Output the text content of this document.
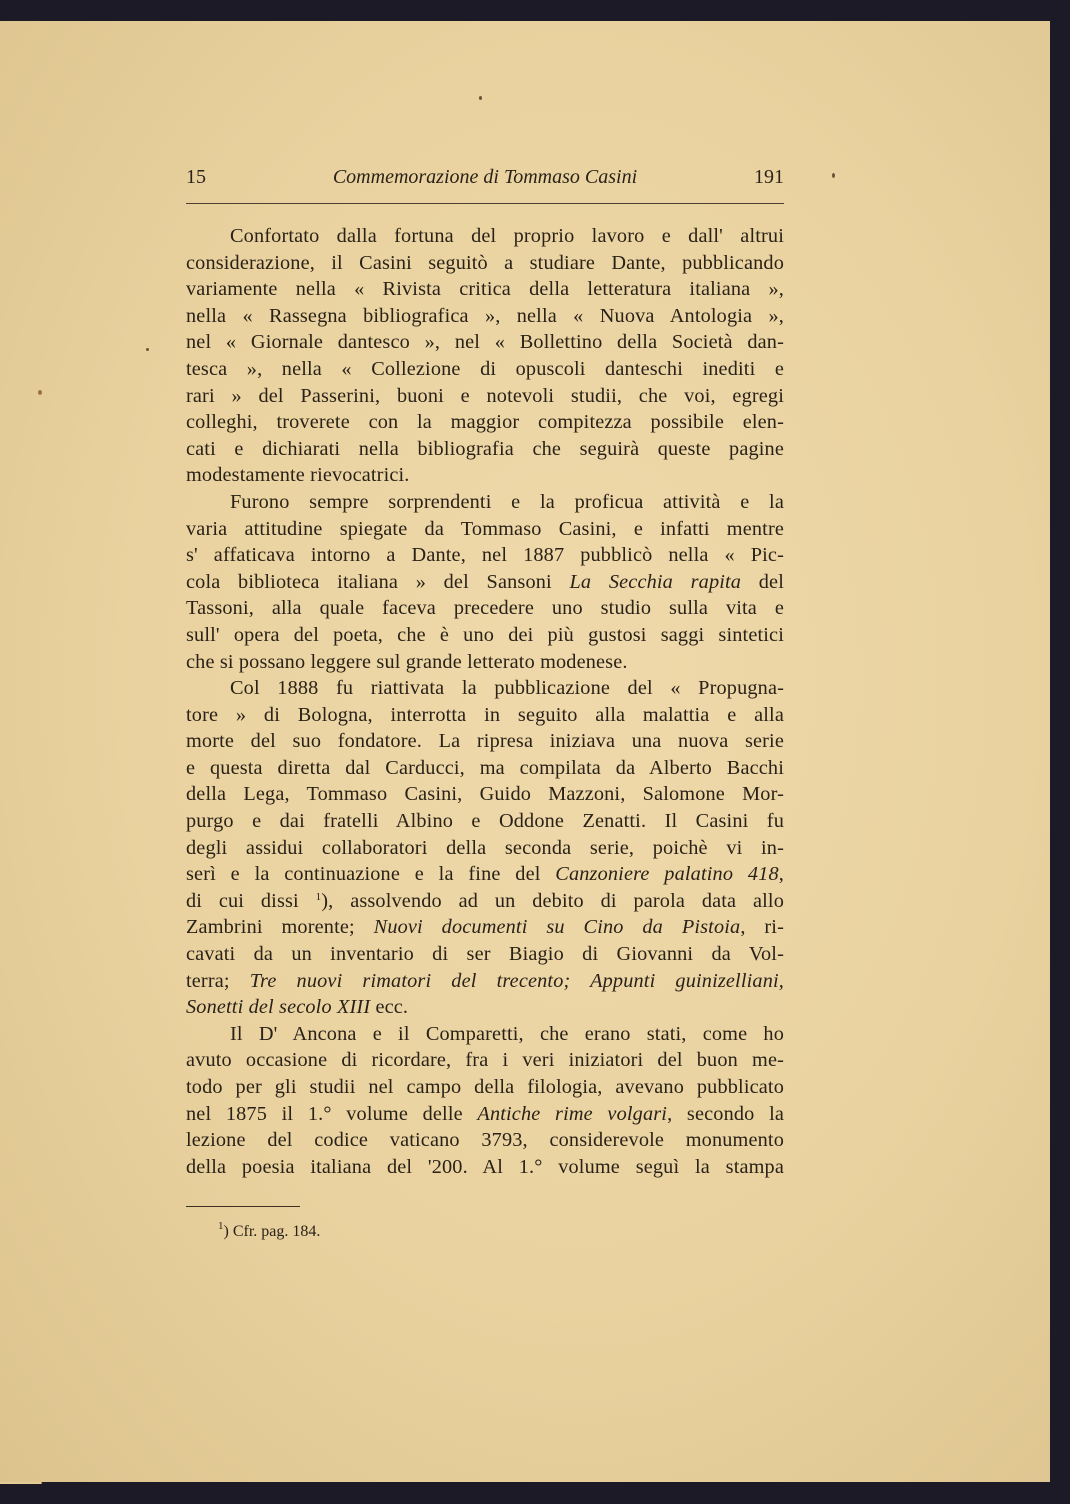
15	Commemorazione di Tommaso Casini	191
Confortato dalla fortuna del proprio lavoro e dall' altrui
considerazione, il Casini seguitò a studiare Dante, pubblicando
variamente nella « Rivista critica della letteratura italiana »,
nella « Rassegna bibliografica », nella « Nuova Antologia »,
nel « Giornale dantesco », nel « Bollettino della Società dan-
tesca », nella « Collezione di opuscoli danteschi inediti e
rari » del Passerini, buoni e notevoli studii, che voi, egregi
colleghi, troverete con la maggior compitezza possibile elen-
cati e dichiarati nella bibliografia che seguirà queste pagine
modestamente rievocatrici.
Furono sempre sorprendenti e la proficua attività e la
varia attitudine spiegate da Tommaso Casini, e infatti mentre
s' affaticava intorno a Dante, nel 1887 pubblicò nella « Pic-
cola biblioteca italiana » del Sansoni La Secchia rapita del
Tassoni, alla quale faceva precedere uno studio sulla vita e
sull' opera del poeta, che è uno dei più gustosi saggi sintetici
che si possano leggere sul grande letterato modenese.
Col 1888 fu riattivata la pubblicazione del « Propugna-
tore » di Bologna, interrotta in seguito alla malattia e alla
morte del suo fondatore. La ripresa iniziava una nuova serie
e questa diretta dal Carducci, ma compilata da Alberto Bacchi
della Lega, Tommaso Casini, Guido Mazzoni, Salomone Mor-
purgo e dai fratelli Albino e Oddone Zenatti. Il Casini fu
degli assidui collaboratori della seconda serie, poichè vi in-
serì e la continuazione e la fine del Canzoniere palatino 418,
di cui dissi $^1$), assolvendo ad un debito di parola data allo
Zambrini morente; Nuovi documenti su Cino da Pistoia, ri-
cavati da un inventario di ser Biagio di Giovanni da Vol-
terra; Tre nuovi rimatori del trecento; Appunti guinizelliani,
Sonetti del secolo XIII ecc.
Il D' Ancona e il Comparetti, che erano stati, come ho
avuto occasione di ricordare, fra i veri iniziatori del buon me-
todo per gli studii nel campo della filologia, avevano pubblicato
nel 1875 il 1.° volume delle Antiche rime volgari, secondo la
lezione del codice vaticano 3793, considerevole monumento
della poesia italiana del '200. Al 1.° volume seguì la stampa
$^1$) Cfr. pag. 184.
